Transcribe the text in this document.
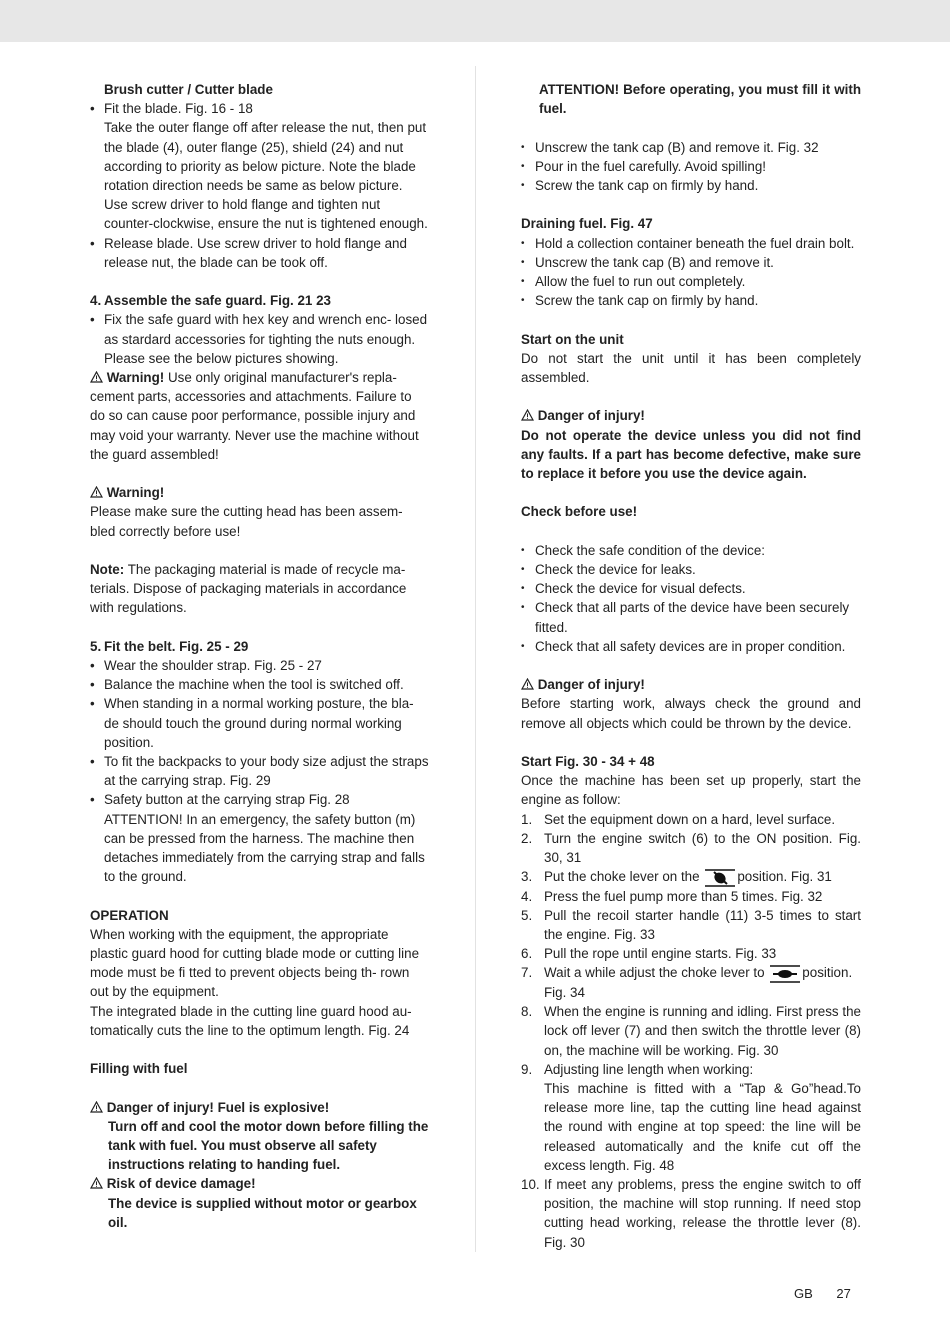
Brush cutter / Cutter blade

• Fit the blade. Fig. 16 - 18

Take the outer flange off after release the nut, then put the blade (4), outer flange (25), shield (24) and nut according to priority as below picture. Note the blade rotation direction needs be same as below picture. Use screw driver to hold flange and tighten nut counter-clockwise, ensure the nut is tightened enough.

• Release blade. Use screw driver to hold flange and release nut, the blade can be took off.

4. Assemble the safe guard. Fig. 21 23

• Fix the safe guard with hex key and wrench enc- losed as stardard accessories for tighting the nuts enough. Please see the below pictures showing.

Warning! Use only original manufacturer's repla- cement parts, accessories and attachments. Failure to do so can cause poor performance, possible injury and may void your warranty. Never use the machine without the guard assembled!

Warning!

Please make sure the cutting head has been assem- bled correctly before use!

Note: The packaging material is made of recycle ma- terials. Dispose of packaging materials in accordance with regulations.

5. Fit the belt. Fig. 25 - 29

• Wear the shoulder strap. Fig. 25 - 27

• Balance the machine when the tool is switched off.

• When standing in a normal working posture, the bla- de should touch the ground during normal working position.

• To fit the backpacks to your body size adjust the straps at the carrying strap. Fig. 29

• Safety button at the carrying strap Fig. 28 ATTENTION! In an emergency, the safety button (m) can be pressed from the harness. The machine then detaches immediately from the carrying strap and falls to the ground.

OPERATION

When working with the equipment, the appropriate plastic guard hood for cutting blade mode or cutting line mode must be fi tted to prevent objects being th- rown out by the equipment.

The integrated blade in the cutting line guard hood au- tomatically cuts the line to the optimum length. Fig. 24

Filling with fuel

Danger of injury! Fuel is explosive!

Turn off and cool the motor down before filling the tank with fuel. You must observe all safety instructions relating to handing fuel.

Risk of device damage!

The device is supplied without motor or gearbox oil.

ATTENTION! Before operating, you must fill it with fuel.

• Unscrew the tank cap (B) and remove it. Fig. 32

• Pour in the fuel carefully. Avoid spilling!

• Screw the tank cap on firmly by hand.

Draining fuel. Fig. 47

• Hold a collection container beneath the fuel drain bolt.

• Unscrew the tank cap (B) and remove it.

• Allow the fuel to run out completely.

• Screw the tank cap on firmly by hand.

Start on the unit

Do not start the unit until it has been completely assembled.

Danger of injury!

Do not operate the device unless you did not find any faults. If a part has become defective, make sure to replace it before you use the device again.

Check before use!

• Check the safe condition of the device:

• Check the device for leaks.

• Check the device for visual defects.

• Check that all parts of the device have been securely fitted.

• Check that all safety devices are in proper condition.

Danger of injury!

Before starting work, always check the ground and remove all objects which could be thrown by the device.

Start Fig. 30 - 34 + 48

Once the machine has been set up properly, start the engine as follow:

1. Set the equipment down on a hard, level surface.

2. Turn the engine switch (6) to the ON position. Fig. 30, 31

3. Put the choke lever on the	position. Fig. 31

4. Press the fuel pump more than 5 times. Fig. 32

5. Pull the recoil starter handle (11) 3-5 times to start the engine. Fig. 33

6. Pull the rope until engine starts. Fig. 33

7. Wait a while adjust the choke lever to	position. Fig. 34

8. When the engine is running and idling. First press the lock off lever (7) and then switch the throttle lever (8) on, the machine will be working. Fig. 30

9. Adjusting line length when working:

This machine is fitted with a “Tap & Go”head.To release more line, tap the cutting line head against the round with engine at top speed: the line will be released automatically and the knife cut off the excess length. Fig. 48

10. If meet any problems, press the engine switch to off position, the machine will stop running. If need stop cutting head working, release the throttle lever (8). Fig. 30

GB 27
